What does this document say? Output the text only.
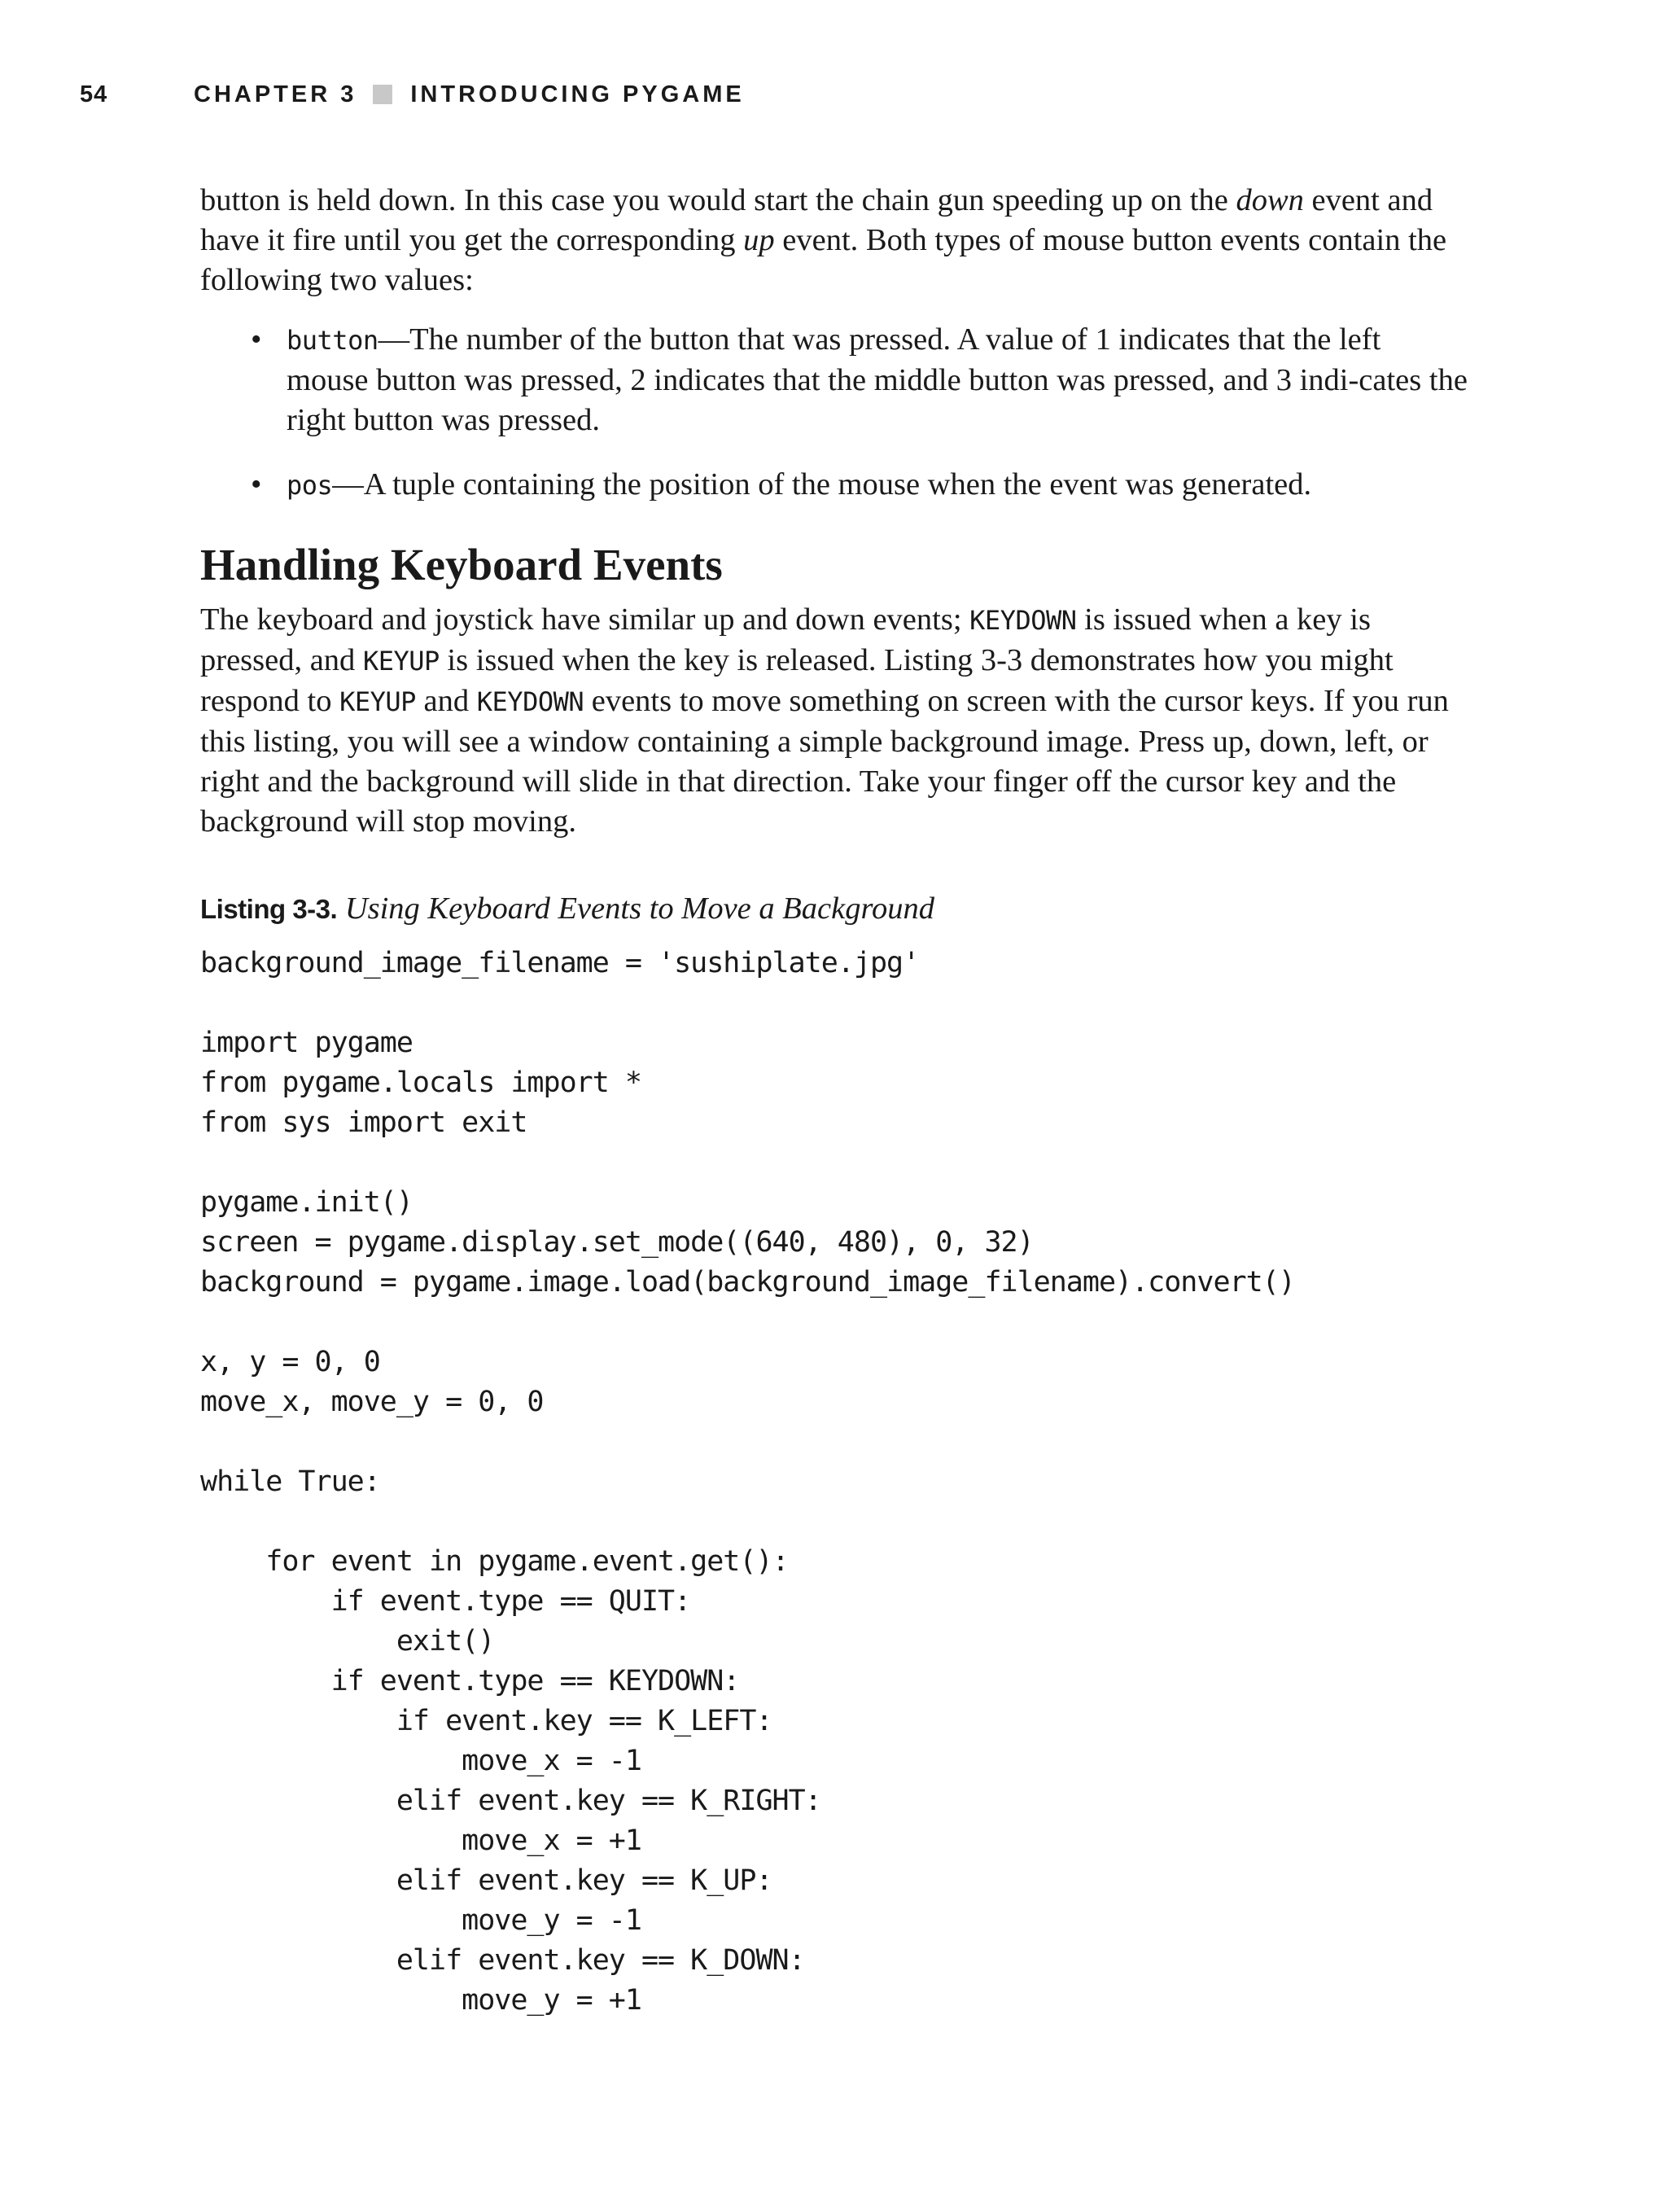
54	CHAPTER 3 INTRODUCING PYGAME

button is held down. In this case you would start the chain gun speeding up on the down event and have it fire until you get the corresponding up event. Both types of mouse button events contain the following two values:

• button—The number of the button that was pressed. A value of 1 indicates that the left mouse button was pressed, 2 indicates that the middle button was pressed, and 3 indi-cates the right button was pressed.
• pos—A tuple containing the position of the mouse when the event was generated.
Handling Keyboard Events

The keyboard and joystick have similar up and down events; KEYDOWN is issued when a key is pressed, and KEYUP is issued when the key is released. Listing 3-3 demonstrates how you might respond to KEYUP and KEYDOWN events to move something on screen with the cursor keys. If you run this listing, you will see a window containing a simple background image. Press up, down, left, or right and the background will slide in that direction. Take your finger off the cursor key and the background will stop moving.

Listing 3-3. Using Keyboard Events to Move a Background
background_image_filename = 'sushiplate.jpg'
import pygame
from pygame.locals import *
from sys import exit
pygame.init()
screen = pygame.display.set_mode((640, 480), 0, 32)
background = pygame.image.load(background_image_filename).convert()
x, y = 0, 0
move_x, move_y = 0, 0
while True:
for event in pygame.event.get():
if event.type == QUIT:
exit()
if event.type == KEYDOWN:
if event.key == K_LEFT:
move_x = -1
elif event.key == K_RIGHT:
move_x = +1
elif event.key == K_UP:
move_y = -1
elif event.key == K_DOWN:
move_y = +1
